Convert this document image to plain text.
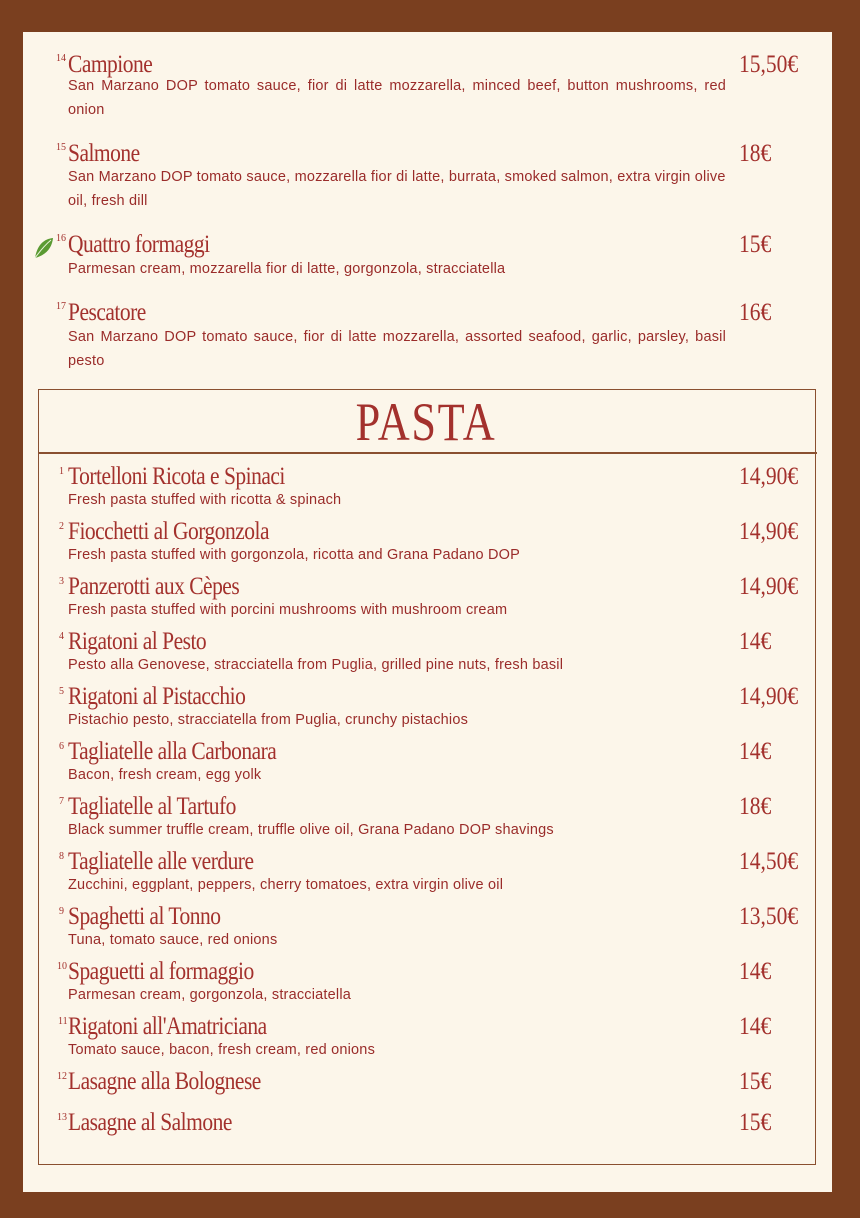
14 Campione	15,50€
San Marzano DOP tomato sauce, fior di latte mozzarella, minced beef, button mushrooms, red onion
15 Salmone	18€
San Marzano DOP tomato sauce, mozzarella fior di latte, burrata, smoked salmon, extra virgin olive oil, fresh dill
16 Quattro formaggi	15€
Parmesan cream, mozzarella fior di latte, gorgonzola, stracciatella
17 Pescatore	16€
San Marzano DOP tomato sauce, fior di latte mozzarella, assorted seafood, garlic, parsley, basil pesto
PASTA
1 Tortelloni Ricota e Spinaci	14,90€
Fresh pasta stuffed with ricotta & spinach
2 Fiocchetti al Gorgonzola	14,90€
Fresh pasta stuffed with gorgonzola, ricotta and Grana Padano DOP
3 Panzerotti aux Cèpes	14,90€
Fresh pasta stuffed with porcini mushrooms with mushroom cream
4 Rigatoni al Pesto	14€
Pesto alla Genovese, stracciatella from Puglia, grilled pine nuts, fresh basil
5 Rigatoni al Pistacchio	14,90€
Pistachio pesto, stracciatella from Puglia, crunchy pistachios
6 Tagliatelle alla Carbonara	14€
Bacon, fresh cream, egg yolk
7 Tagliatelle al Tartufo	18€
Black summer truffle cream, truffle olive oil, Grana Padano DOP shavings
8 Tagliatelle alle verdure	14,50€
Zucchini, eggplant, peppers, cherry tomatoes, extra virgin olive oil
9 Spaghetti al Tonno	13,50€
Tuna, tomato sauce, red onions
10 Spaguetti al formaggio	14€
Parmesan cream, gorgonzola, stracciatella
11 Rigatoni all'Amatriciana	14€
Tomato sauce, bacon, fresh cream, red onions
12 Lasagne alla Bolognese	15€
13 Lasagne al Salmone	15€
